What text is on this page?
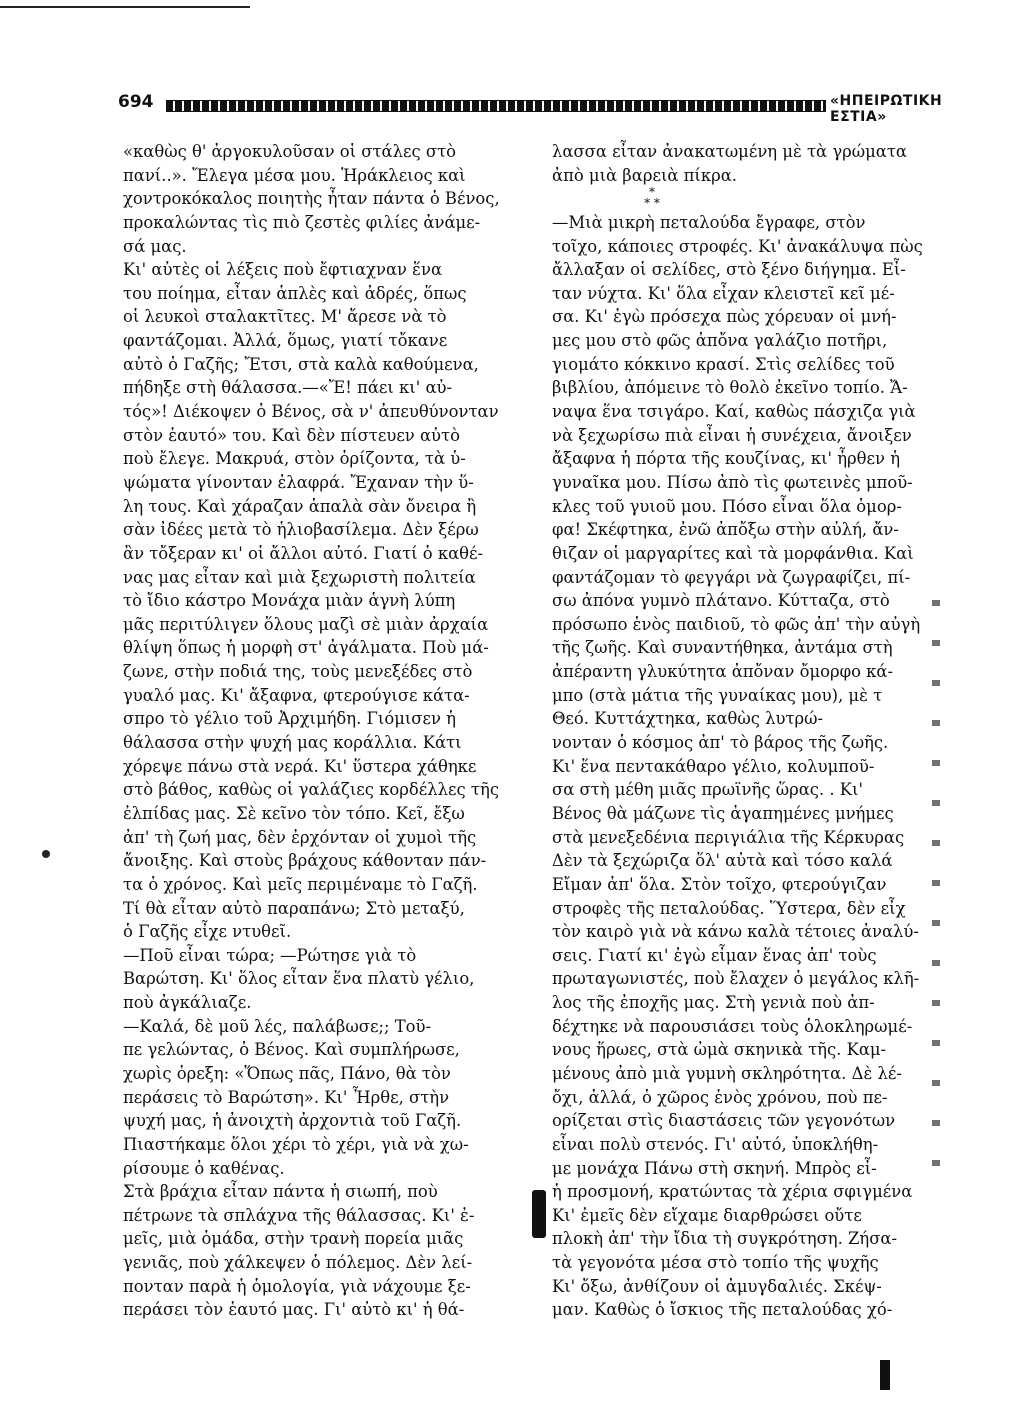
694	«ΗΠΕΙΡΩΤΙΚΗ ΕΣΤΙΑ»
«καθὼς θ' ἀργοκυλοῦσαν οἱ στάλες στὸ
πανί..». Ἔλεγα μέσα μου. Ἡράκλειος καὶ
χοντροκόκαλος ποιητὴς ἦταν πάντα ὁ Βένος,
προκαλώντας τὶς πιὸ ζεστὲς φιλίες ἀνάμε-
σά μας.
Κι' αὐτὲς οἱ λέξεις ποὺ ἔφτιαχναν ἕνα
του ποίημα, εἶταν ἁπλὲς καὶ ἀδρές, ὅπως
οἱ λευκοὶ σταλακτῖτες. Μ' ἄρεσε νὰ τὸ
φαντάζομαι. Ἀλλά, ὅμως, γιατί τὄκανε
αὐτὸ ὁ Γαζῆς; Ἔτσι, στὰ καλὰ καθούμενα,
πήδηξε στὴ θάλασσα.—«Ἔ! πάει κι' αὐ-
τός»! Διέκοψεν ὁ Βένος, σὰ ν' ἀπευθύνονταν
στὸν ἑαυτό» του. Καὶ δὲν πίστευεν αὐτὸ
ποὺ ἔλεγε. Μακρυά, στὸν ὁρίζοντα, τὰ ὑ-
ψώματα γίνονταν ἐλαφρά. Ἔχαναν τὴν ὕ-
λη τους. Καὶ χάραζαν ἁπαλὰ σὰν ὄνειρα ἢ
σὰν ἰδέες μετὰ τὸ ἡλιοβασίλεμα. Δὲν ξέρω
ἂν τὄξεραν κι' οἱ ἄλλοι αὐτό. Γιατί ὁ καθέ-
νας μας εἶταν καὶ μιὰ ξεχωριστὴ πολιτεία
τὸ ἴδιο κάστρο Μονάχα μιὰν ἁγνὴ λύπη
μᾶς περιτύλιγεν ὅλους μαζὶ σὲ μιὰν ἀρχαία
θλίψη ὅπως ἡ μορφὴ στ' ἀγάλματα. Ποὺ μά-
ζωνε, στὴν ποδιά της, τοὺς μενεξέδες στὸ
γυαλό μας. Κι' ἄξαφνα, φτερούγισε κάτα-
σπρο τὸ γέλιο τοῦ Ἀρχιμήδη. Γιόμισεν ἡ
θάλασσα στὴν ψυχή μας κοράλλια. Κάτι
χόρεψε πάνω στὰ νερά. Κι' ὕστερα χάθηκε
στὸ βάθος, καθὼς οἱ γαλάζιες κορδέλλες τῆς
ἐλπίδας μας. Σὲ κεῖνο τὸν τόπο. Κεῖ, ἔξω
ἀπ' τὴ ζωή μας, δὲν ἐρχόνταν οἱ χυμοὶ τῆς
ἄνοιξης. Καὶ στοὺς βράχους κάθονταν πάν-
τα ὁ χρόνος. Καὶ μεῖς περιμέναμε τὸ Γαζῆ.
Τί θὰ εἶταν αὐτὸ παραπάνω; Στὸ μεταξύ,
ὁ Γαζῆς εἶχε ντυθεῖ.
—Ποῦ εἶναι τώρα; —Ρώτησε γιὰ τὸ
Βαρώτση. Κι' ὅλος εἶταν ἕνα πλατὺ γέλιο,
ποὺ ἀγκάλιαζε.
—Καλά, δὲ μοῦ λές, παλάβωσε;; Τοῦ-
πε γελώντας, ὁ Βένος. Καὶ συμπλήρωσε,
χωρὶς ὀρεξη: «Ὅπως πᾶς, Πάνο, θὰ τὸν
περάσεις τὸ Βαρώτση». Κι' Ἦρθε, στὴν
ψυχή μας, ἡ ἀνοιχτὴ ἀρχοντιὰ τοῦ Γαζῆ.
Πιαστήκαμε ὅλοι χέρι τὸ χέρι, γιὰ νὰ χω-
ρίσουμε ὁ καθένας.
Στὰ βράχια εἶταν πάντα ἡ σιωπή, ποὺ
πέτρωνε τὰ σπλάχνα τῆς θάλασσας. Κι' ἐ-
μεῖς, μιὰ ὁμάδα, στὴν τρανὴ πορεία μιᾶς
γενιᾶς, ποὺ χάλκεψεν ὁ πόλεμος. Δὲν λεί-
πονταν παρὰ ἡ ὁμολογία, γιὰ νάχουμε ξε-
περάσει τὸν ἑαυτό μας. Γι' αὐτὸ κι' ἡ θά-
λασσα εἶταν ἀνακατωμένη μὲ τὰ γρώματα
ἀπὸ μιὰ βαρειὰ πίκρα.
*
* *
—Μιὰ μικρὴ πεταλούδα ἔγραφε, στὸν
τοῖχο, κάποιες στροφές. Κι' ἀνακάλυψα πὼς
ἄλλαξαν οἱ σελίδες, στὸ ξένο διήγημα. Εἶ-
ταν νύχτα. Κι' ὅλα εἶχαν κλειστεῖ κεῖ μέ-
σα. Κι' ἐγὼ πρόσεχα πὼς χόρευαν οἱ μνή-
μες μου στὸ φῶς ἀπὄνα γαλάζιο ποτῆρι,
γιομάτο κόκκινο κρασί. Στὶς σελίδες τοῦ
βιβλίου, ἀπόμεινε τὸ θολὸ ἐκεῖνο τοπίο. Ἄ-
ναψα ἕνα τσιγάρο. Καί, καθὼς πάσχιζα γιὰ
νὰ ξεχωρίσω πιὰ εἶναι ἡ συνέχεια, ἄνοιξεν
ἄξαφνα ἡ πόρτα τῆς κουζίνας, κι' ἦρθεν ἡ
γυναῖκα μου. Πίσω ἀπὸ τὶς φωτεινὲς μποῦ-
κλες τοῦ γυιοῦ μου. Πόσο εἶναι ὅλα ὁμορ-
φα! Σκέφτηκα, ἐνῶ ἀπὄξω στὴν αὐλή, ἄν-
θιζαν οἱ μαργαρίτες καὶ τὰ μορφάνθια. Καὶ
φαντάζομαν τὸ φεγγάρι νὰ ζωγραφίζει, πί-
σω ἀπόνα γυμνὸ πλάτανο. Κύτταζα, στὸ
πρόσωπο ἑνὸς παιδιοῦ, τὸ φῶς ἀπ' τὴν αὐγὴ
τῆς ζωῆς. Καὶ συναντήθηκα, ἀντάμα στὴ
ἀπέραντη γλυκύτητα ἀπὄναν ὄμορφο κά-
μπο (στὰ μάτια τῆς γυναίκας μου), μὲ τ
Θεό. Κυττάχτηκα, καθὼς λυτρώ-
νονταν ὁ κόσμος ἀπ' τὸ βάρος τῆς ζωῆς.
Κι' ἕνα πεντακάθαρο γέλιο, κολυμποῦ-
σα στὴ μέθη μιᾶς πρωϊνῆς ὥρας. . Κι'
Βένος θὰ μάζωνε τὶς ἀγαπημένες μνήμες
στὰ μενεξεδένια περιγιάλια τῆς Κέρκυρας
Δὲν τὰ ξεχώριζα ὅλ' αὐτὰ καὶ τόσο καλά
Εἴμαν ἀπ' ὅλα. Στὸν τοῖχο, φτερούγιζαν
στροφὲς τῆς πεταλούδας. Ὕστερα, δὲν εἶχ
τὸν καιρὸ γιὰ νὰ κάνω καλὰ τέτοιες ἀναλύ-
σεις. Γιατί κι' ἐγὼ εἶμαν ἕνας ἀπ' τοὺς
πρωταγωνιστές, ποὺ ἔλαχεν ὁ μεγάλος κλῆ-
λος τῆς ἐποχῆς μας. Στὴ γενιὰ ποὺ ἀπ-
δέχτηκε νὰ παρουσιάσει τοὺς ὁλοκληρωμέ-
νους ἥρωες, στὰ ὠμὰ σκηνικὰ τῆς. Καμ-
μένους ἀπὸ μιὰ γυμνὴ σκληρότητα. Δὲ λέ-
ὄχι, ἀλλά, ὁ χῶρος ἑνὸς χρόνου, ποὺ πε-
ορίζεται στὶς διαστάσεις τῶν γεγονότων
εἶναι πολὺ στενός. Γι' αὐτό, ὑποκλήθη-
με μονάχα Πάνω στὴ σκηνή. Μπρὸς εἶ-
ἡ προσμονή, κρατώντας τὰ χέρια σφιγμένα
Κι' ἐμεῖς δὲν εἴχαμε διαρθρώσει οὔτε
πλοκὴ ἀπ' τὴν ἴδια τὴ συγκρότηση. Ζήσα-
τὰ γεγονότα μέσα στὸ τοπίο τῆς ψυχῆς
Κι' ὄξω, ἀνθίζουν οἱ ἀμυγδαλιές. Σκέψ-
μαν. Καθὼς ὁ ἴσκιος τῆς πεταλούδας χό-
